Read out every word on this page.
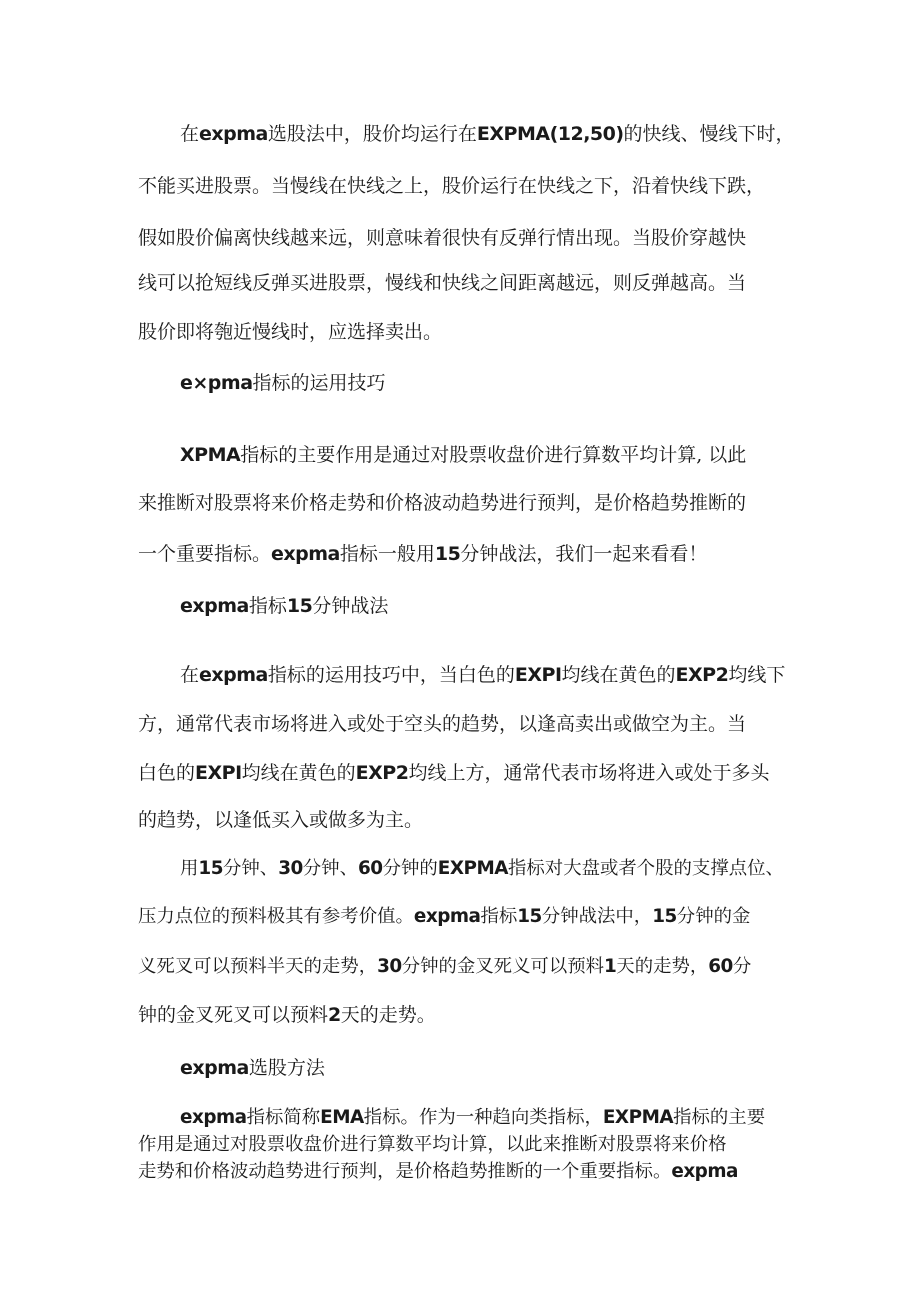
在expma选股法中，股价均运行在EXPMA(12,50)的快线、慢线下时，
不能买进股票。当慢线在快线之上，股价运行在快线之下，沿着快线下跌，
假如股价偏离快线越来远，则意味着很快有反弹行情出现。当股价穿越快
线可以抢短线反弹买进股票，慢线和快线之间距离越远，则反弹越高。当
股价即将匏近慢线时，应选择卖出。
e×pma指标的运用技巧
XPMA指标的主要作用是通过对股票收盘价进行算数平均计算, 以此
来推断对股票将来价格走势和价格波动趋势进行预判，是价格趋势推断的
一个重要指标。expma指标一般用15分钟战法，我们一起来看看！
expma指标15分钟战法
在expma指标的运用技巧中，当白色的EXPI均线在黄色的EXP2均线下
方，通常代表市场将进入或处于空头的趋势，以逢高卖出或做空为主。当
白色的EXPI均线在黄色的EXP2均线上方，通常代表市场将进入或处于多头
的趋势，以逢低买入或做多为主。
用15分钟、30分钟、60分钟的EXPMA指标对大盘或者个股的支撑点位、
压力点位的预料极其有参考价值。expma指标15分钟战法中，15分钟的金
义死叉可以预料半天的走势，30分钟的金叉死义可以预料1天的走势，60分
钟的金叉死叉可以预料2天的走势。
expma选股方法
expma指标简称EMA指标。作为一种趋向类指标，EXPMA指标的主要
作用是通过对股票收盘价进行算数平均计算，以此来推断对股票将来价格
走势和价格波动趋势进行预判，是价格趋势推断的一个重要指标。expma
